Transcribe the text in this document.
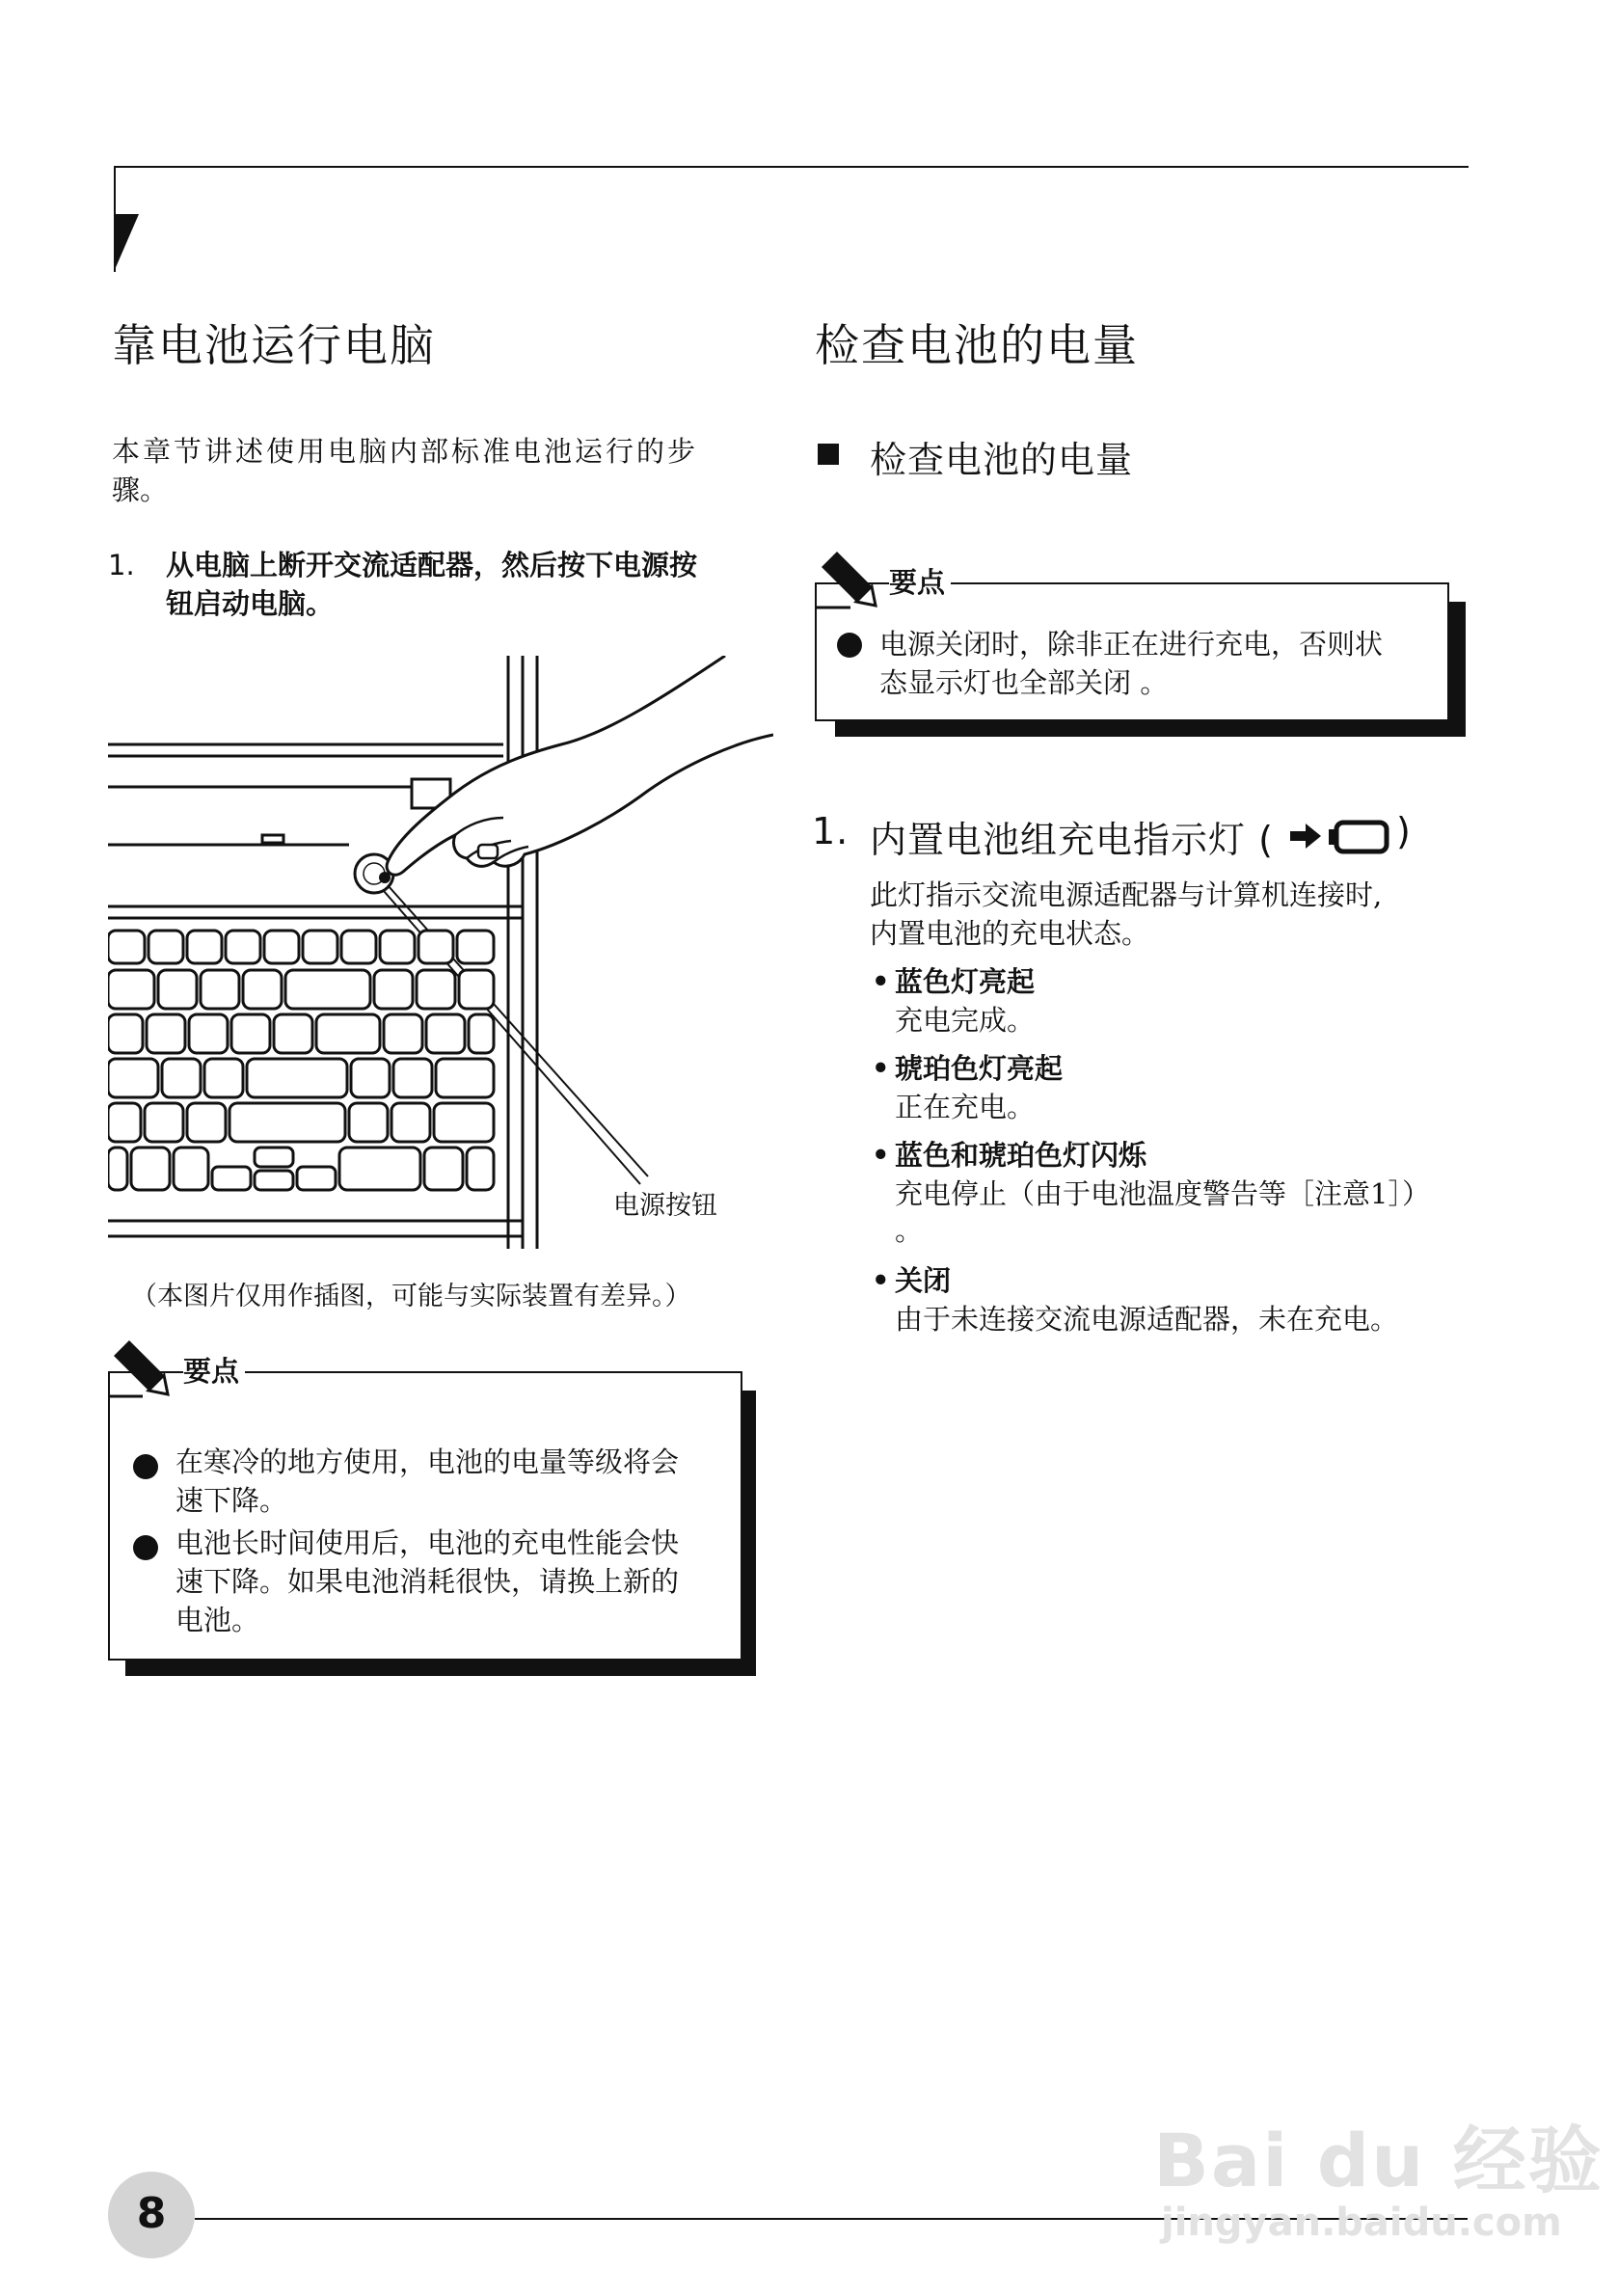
靠电池运行电脑
本章节讲述使用电脑内部标准电池运行的步
骤。
1. 从电脑上断开交流适配器，然后按下电源按
钮启动电脑。
电源按钮
（本图片仅用作插图，可能与实际装置有差异。）
要点
在寒冷的地方使用，电池的电量等级将会
速下降。
电池长时间使用后，电池的充电性能会快
速下降。如果电池消耗很快，请换上新的
电池。
检查电池的电量
检查电池的电量
要点
电源关闭时，除非正在进行充电，否则状
态显示灯也全部关闭 。
1. 内置电池组充电指示灯 (	)
此灯指示交流电源适配器与计算机连接时,
内置电池的充电状态。
• 蓝色灯亮起
充电完成。
• 琥珀色灯亮起
正在充电。
• 蓝色和琥珀色灯闪烁
充电停止（由于电池温度警告等［注意1］）
。
• 关闭
由于未连接交流电源适配器，未在充电。
8
Bai du 经验
jingyan.baidu.com
